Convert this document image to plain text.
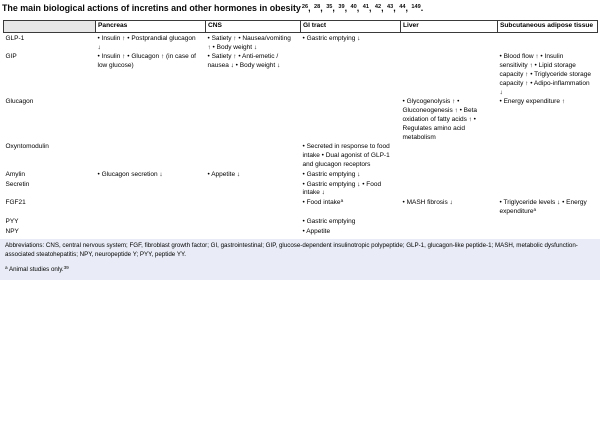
The main biological actions of incretins and other hormones in obesity$^{26}$, $^{28}$, $^{35}$, $^{39}$, $^{40}$, $^{41}$, $^{42}$, $^{43}$, $^{44}$, $^{149}$.
	Pancreas	CNS	GI tract	Liver	Subcutaneous adipose tissue
GLP-1	• Insulin ↑ • Postprandial glucagon ↓	• Satiety ↑ • Nausea/vomiting ↑ • Body weight ↓	• Gastric emptying ↓		
GIP	• Insulin ↑ • Glucagon ↑ (in case of low glucose)	• Satiety ↑ • Anti-emetic / nausea ↓ • Body weight ↓			• Blood flow ↑ • Insulin sensitivity ↑ • Lipid storage capacity ↑ • Triglyceride storage capacity ↑ • Adipo-inflammation ↓
Glucagon				• Glycogenolysis ↑ • Gluconeogenesis ↑ • Beta oxidation of fatty acids ↑ • Regulates amino acid metabolism	• Energy expenditure ↑
Oxyntomodulin			• Secreted in response to food intake • Dual agonist of GLP-1 and glucagon receptors		
Amylin	• Glucagon secretion ↓	• Appetite ↓	• Gastric emptying ↓		
Secretin			• Gastric emptying ↓ • Food intake ↓		
FGF21			• Food intake$^a$	• MASH fibrosis ↓	• Triglyceride levels ↓ • Energy expenditure$^a$
PYY			• Gastric emptying		
NPY			• Appetite		

Abbreviations: CNS, central nervous system; FGF, fibroblast growth factor; GI, gastrointestinal; GIP, glucose-dependent insulinotropic polypeptide; GLP-1, glucagon-like peptide-1; MASH, metabolic dysfunction-associated steatohepatitis; NPY, neuropeptide Y; PYY, peptide YY.

$^a$ Animal studies only.$^{39}$
